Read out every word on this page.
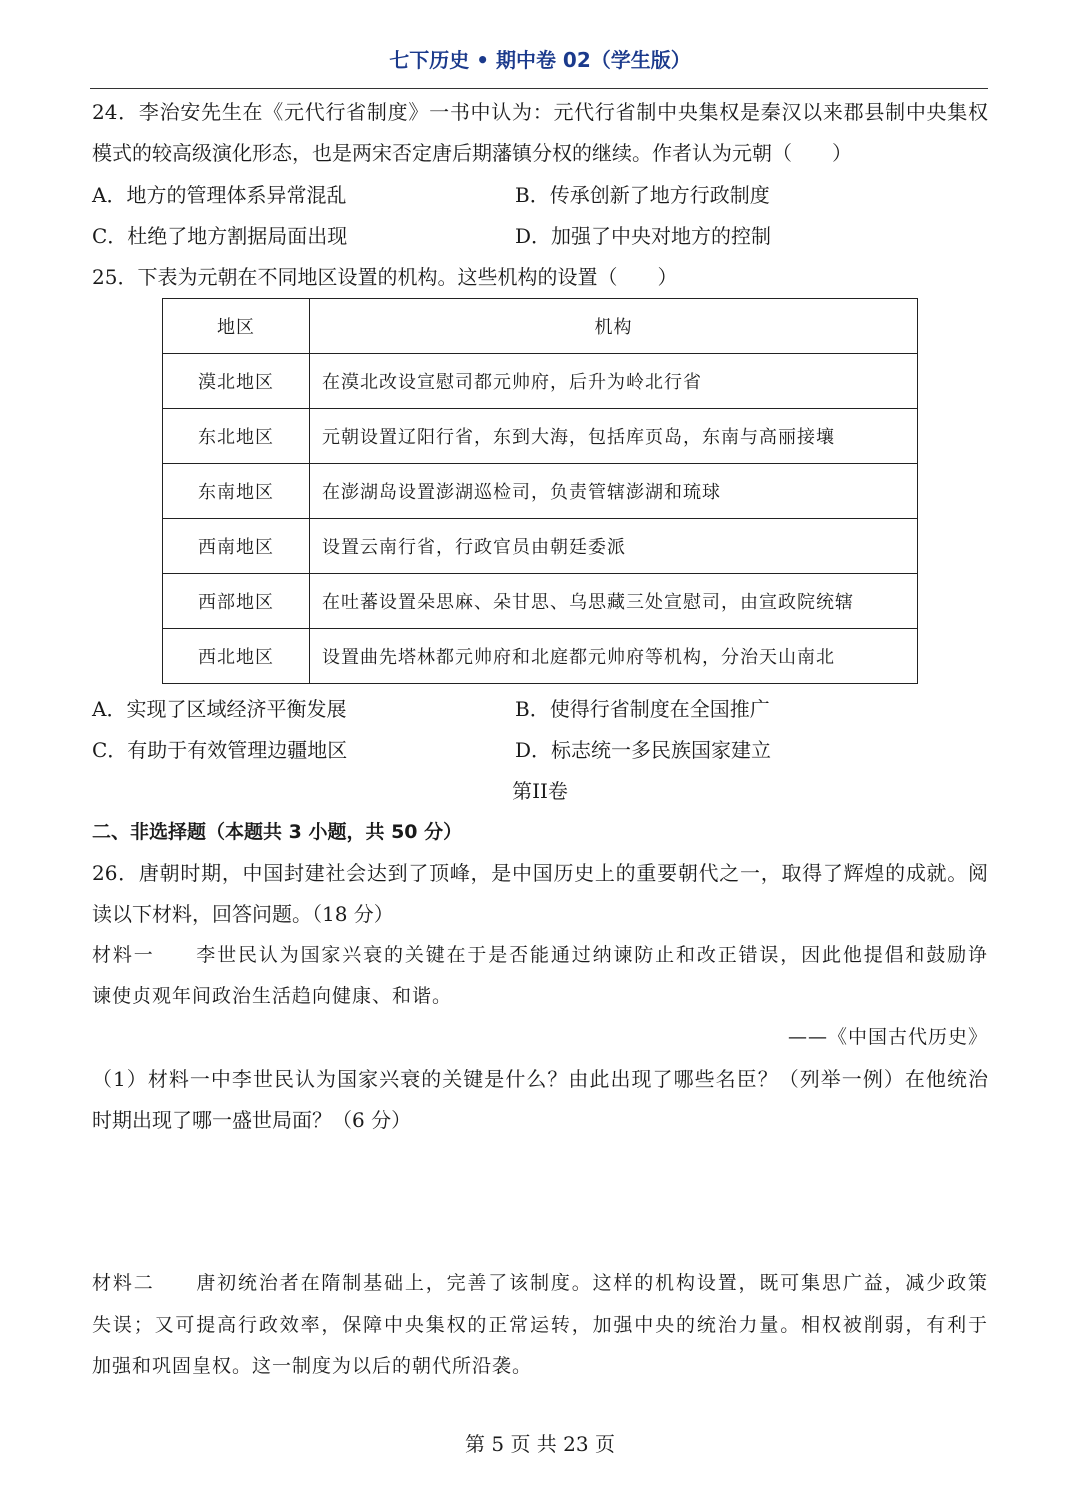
七下历史 • 期中卷 02（学生版）
24．李治安先生在《元代行省制度》一书中认为：元代行省制中央集权是秦汉以来郡县制中央集权
模式的较高级演化形态，也是两宋否定唐后期藩镇分权的继续。作者认为元朝（　　）
A．地方的管理体系异常混乱	B．传承创新了地方行政制度
C．杜绝了地方割据局面出现	D．加强了中央对地方的控制
25．下表为元朝在不同地区设置的机构。这些机构的设置（　　）
地区	机构
漠北地区	在漠北改设宣慰司都元帅府，后升为岭北行省
东北地区	元朝设置辽阳行省，东到大海，包括库页岛，东南与高丽接壤
东南地区	在澎湖岛设置澎湖巡检司，负责管辖澎湖和琉球
西南地区	设置云南行省，行政官员由朝廷委派
西部地区	在吐蕃设置朵思麻、朵甘思、乌思藏三处宣慰司，由宣政院统辖
西北地区	设置曲先塔林都元帅府和北庭都元帅府等机构，分治天山南北
A．实现了区域经济平衡发展	B．使得行省制度在全国推广
C．有助于有效管理边疆地区	D．标志统一多民族国家建立
第II卷
二、非选择题（本题共 3 小题，共 50 分）
26．唐朝时期，中国封建社会达到了顶峰，是中国历史上的重要朝代之一，取得了辉煌的成就。阅
读以下材料，回答问题。（18 分）
材料一　　李世民认为国家兴衰的关键在于是否能通过纳谏防止和改正错误，因此他提倡和鼓励诤
谏使贞观年间政治生活趋向健康、和谐。
——《中国古代历史》
（1）材料一中李世民认为国家兴衰的关键是什么？由此出现了哪些名臣？（列举一例）在他统治
时期出现了哪一盛世局面？（6 分）
材料二　　唐初统治者在隋制基础上，完善了该制度。这样的机构设置，既可集思广益，减少政策
失误；又可提高行政效率，保障中央集权的正常运转，加强中央的统治力量。相权被削弱，有利于
加强和巩固皇权。这一制度为以后的朝代所沿袭。
第 5 页 共 23 页
